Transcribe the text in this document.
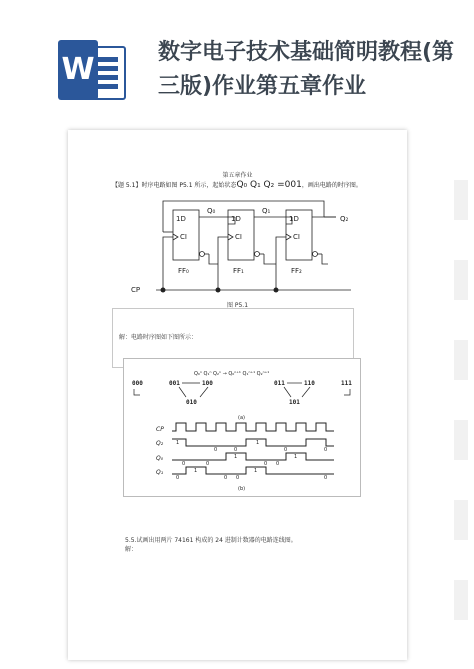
W	数字电子技术基础简明教程(第三版)作业第五章作业
第五章作业
【题 5.1】时序电路如图 P5.1 所示，起始状态Q₀ Q₁ Q₂ =001，画出电路的时序图。
1D
CI
1D
CI
1D
CI
Q₀	Q₁
Q₂
FF₀	FF₁	FF₂
CP
图 P5.1
解：电路时序图如下图所示：
Q₀ⁿ Q₁ⁿ Q₂ⁿ → Q₀ⁿ⁺¹ Q₁ⁿ⁺¹ Q₂ⁿ⁺¹
000	001	100	011	110	111
010	101
(a)
CP
Q₂
Q₀
Q₁
1
0	0
1
0	0
0	0
1
0 0
1
0
1
0 0
1
0
(b)
5.5.试画出用两片 74161 构成的 24 进制计数器的电路连线图。
解：
